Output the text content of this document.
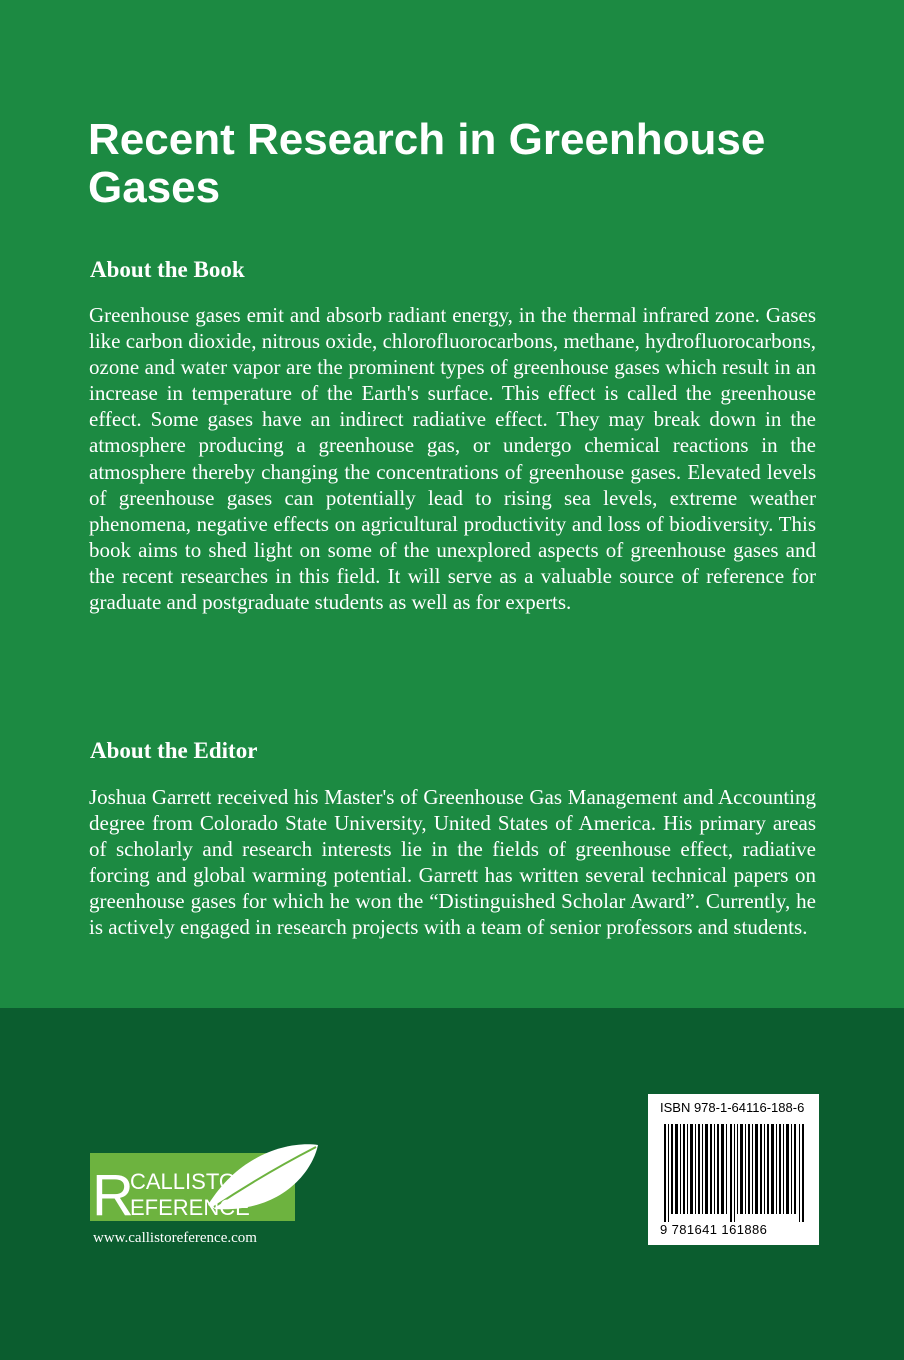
Recent Research in Greenhouse Gases
About the Book

Greenhouse gases emit and absorb radiant energy, in the thermal infrared zone. Gases like carbon dioxide, nitrous oxide, chlorofluorocarbons, methane, hydrofluorocarbons, ozone and water vapor are the prominent types of greenhouse gases which result in an increase in temperature of the Earth's surface. This effect is called the greenhouse effect. Some gases have an indirect radiative effect. They may break down in the atmosphere producing a greenhouse gas, or undergo chemical reactions in the atmosphere thereby changing the concentrations of greenhouse gases. Elevated levels of greenhouse gases can potentially lead to rising sea levels, extreme weather phenomena, negative effects on agricultural productivity and loss of biodiversity. This book aims to shed light on some of the unexplored aspects of greenhouse gases and the recent researches in this field. It will serve as a valuable source of reference for graduate and postgraduate students as well as for experts.

About the Editor

Joshua Garrett received his Master's of Greenhouse Gas Management and Accounting degree from Colorado State University, United States of America. His primary areas of scholarly and research interests lie in the fields of greenhouse effect, radiative forcing and global warming potential. Garrett has written several technical papers on greenhouse gases for which he won the “Distinguished Scholar Award”. Currently, he is actively engaged in research projects with a team of senior professors and students.

R
CALLISTO
EFERENCE
www.callistoreference.com
ISBN 978-1-64116-188-6
9 781641 161886
